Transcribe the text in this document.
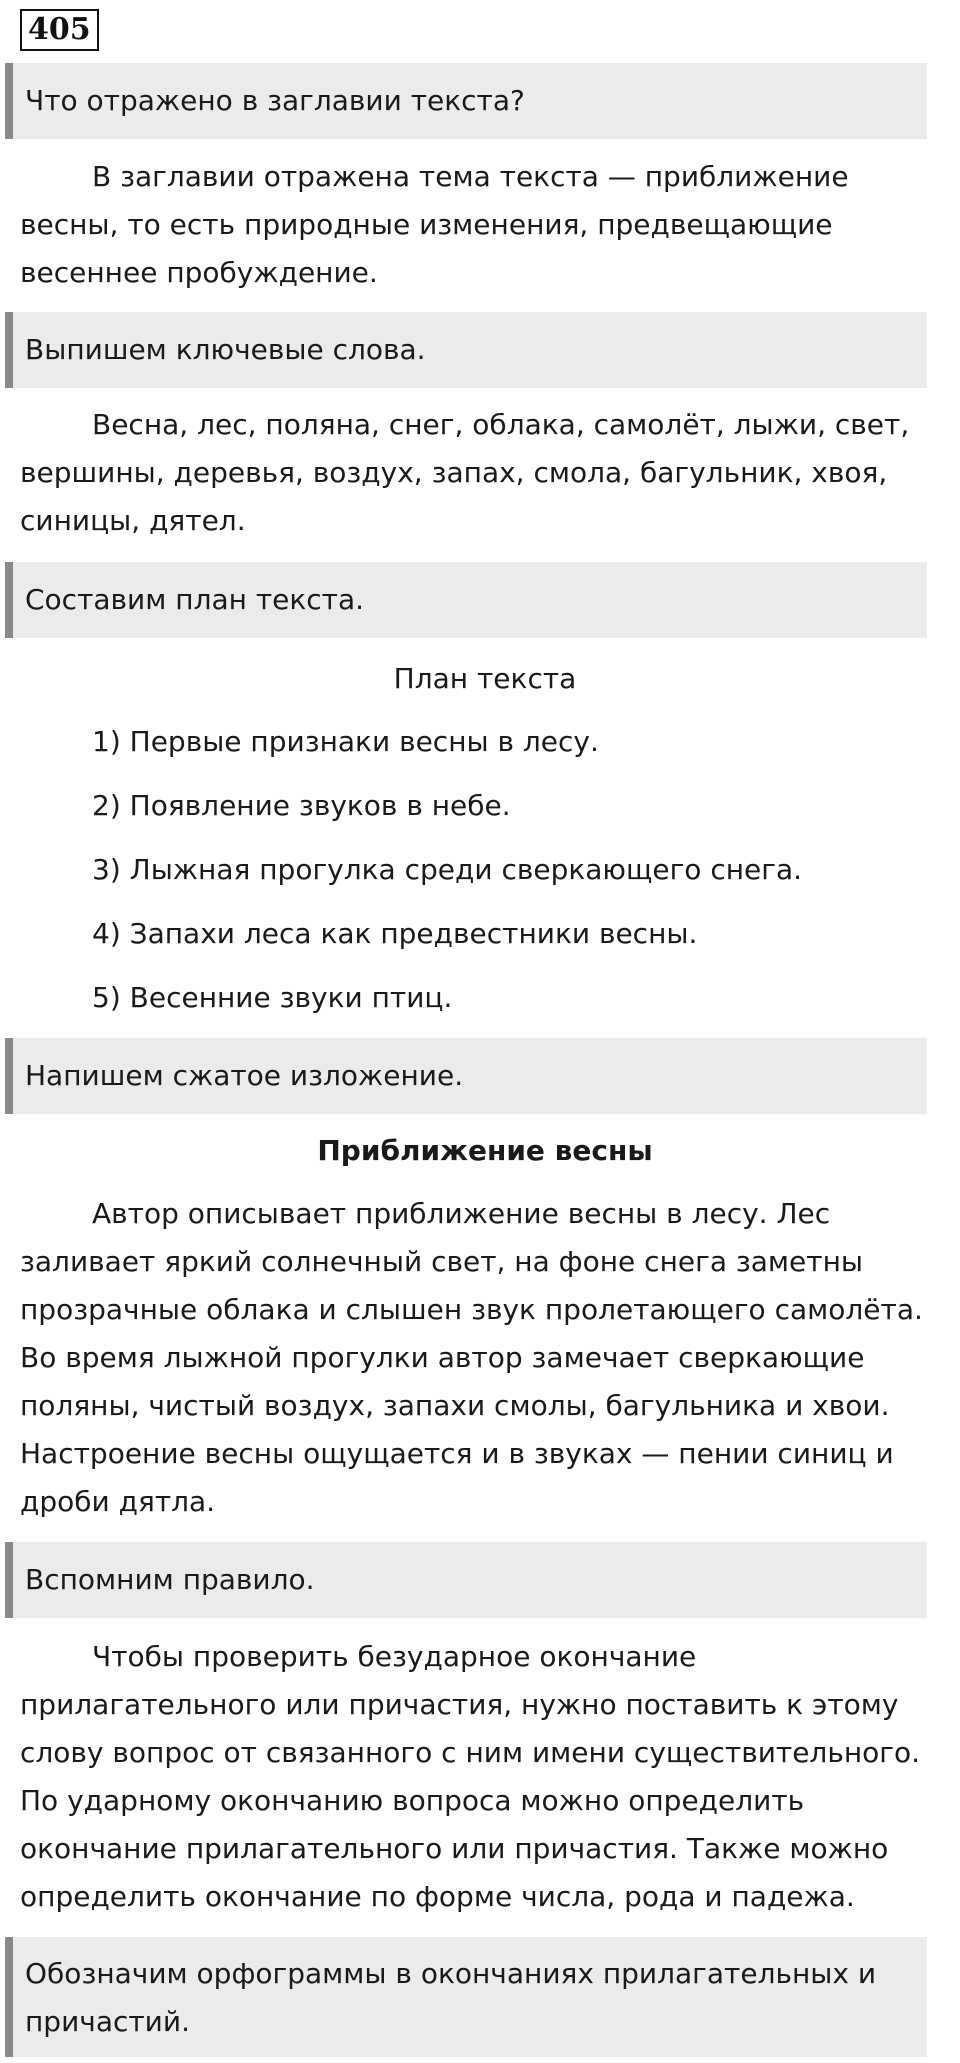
405
Что отражено в заглавии текста?

В заглавии отражена тема текста — приближение весны, то есть природные изменения, предвещающие весеннее пробуждение.

Выпишем ключевые слова.

Весна, лес, поляна, снег, облака, самолёт, лыжи, свет, вершины, деревья, воздух, запах, смола, багульник, хвоя, синицы, дятел.

Составим план текста.
План текста
1) Первые признаки весны в лесу.
2) Появление звуков в небе.
3) Лыжная прогулка среди сверкающего снега.
4) Запахи леса как предвестники весны.
5) Весенние звуки птиц.
Напишем сжатое изложение.
Приближение весны

Автор описывает приближение весны в лесу. Лес заливает яркий солнечный свет, на фоне снега заметны прозрачные облака и слышен звук пролетающего самолёта. Во время лыжной прогулки автор замечает сверкающие поляны, чистый воздух, запахи смолы, багульника и хвои. Настроение весны ощущается и в звуках — пении синиц и дроби дятла.

Вспомним правило.

Чтобы проверить безударное окончание прилагательного или причастия, нужно поставить к этому слову вопрос от связанного с ним имени существительного. По ударному окончанию вопроса можно определить окончание прилагательного или причастия. Также можно определить окончание по форме числа, рода и падежа.

Обозначим орфограммы в окончаниях прилагательных и причастий.
